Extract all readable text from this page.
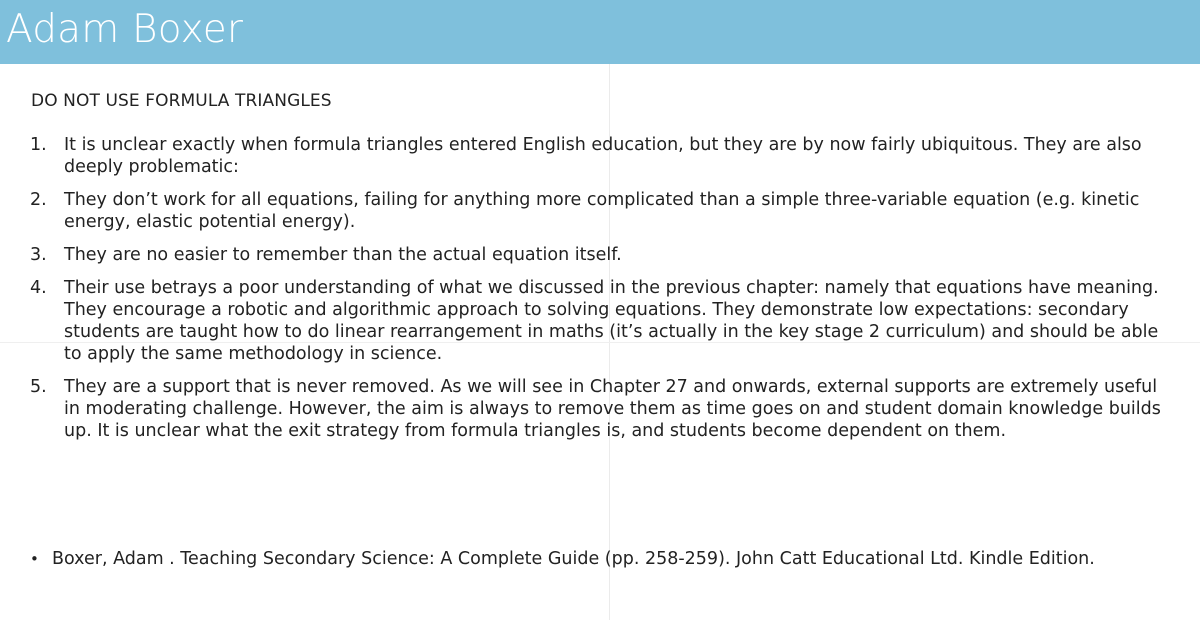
Adam Boxer
DO NOT USE FORMULA TRIANGLES
1. It is unclear exactly when formula triangles entered English education, but they are by now fairly ubiquitous. They are also deeply problematic:
2. They don’t work for all equations, failing for anything more complicated than a simple three-variable equation (e.g. kinetic energy, elastic potential energy).
3. They are no easier to remember than the actual equation itself.
4. Their use betrays a poor understanding of what we discussed in the previous chapter: namely that equations have meaning. They encourage a robotic and algorithmic approach to solving equations. They demonstrate low expectations: secondary students are taught how to do linear rearrangement in maths (it’s actually in the key stage 2 curriculum) and should be able to apply the same methodology in science.
5. They are a support that is never removed. As we will see in Chapter 27 and onwards, external supports are extremely useful in moderating challenge. However, the aim is always to remove them as time goes on and student domain knowledge builds up. It is unclear what the exit strategy from formula triangles is, and students become dependent on them.
• Boxer, Adam . Teaching Secondary Science: A Complete Guide (pp. 258-259). John Catt Educational Ltd. Kindle Edition.
